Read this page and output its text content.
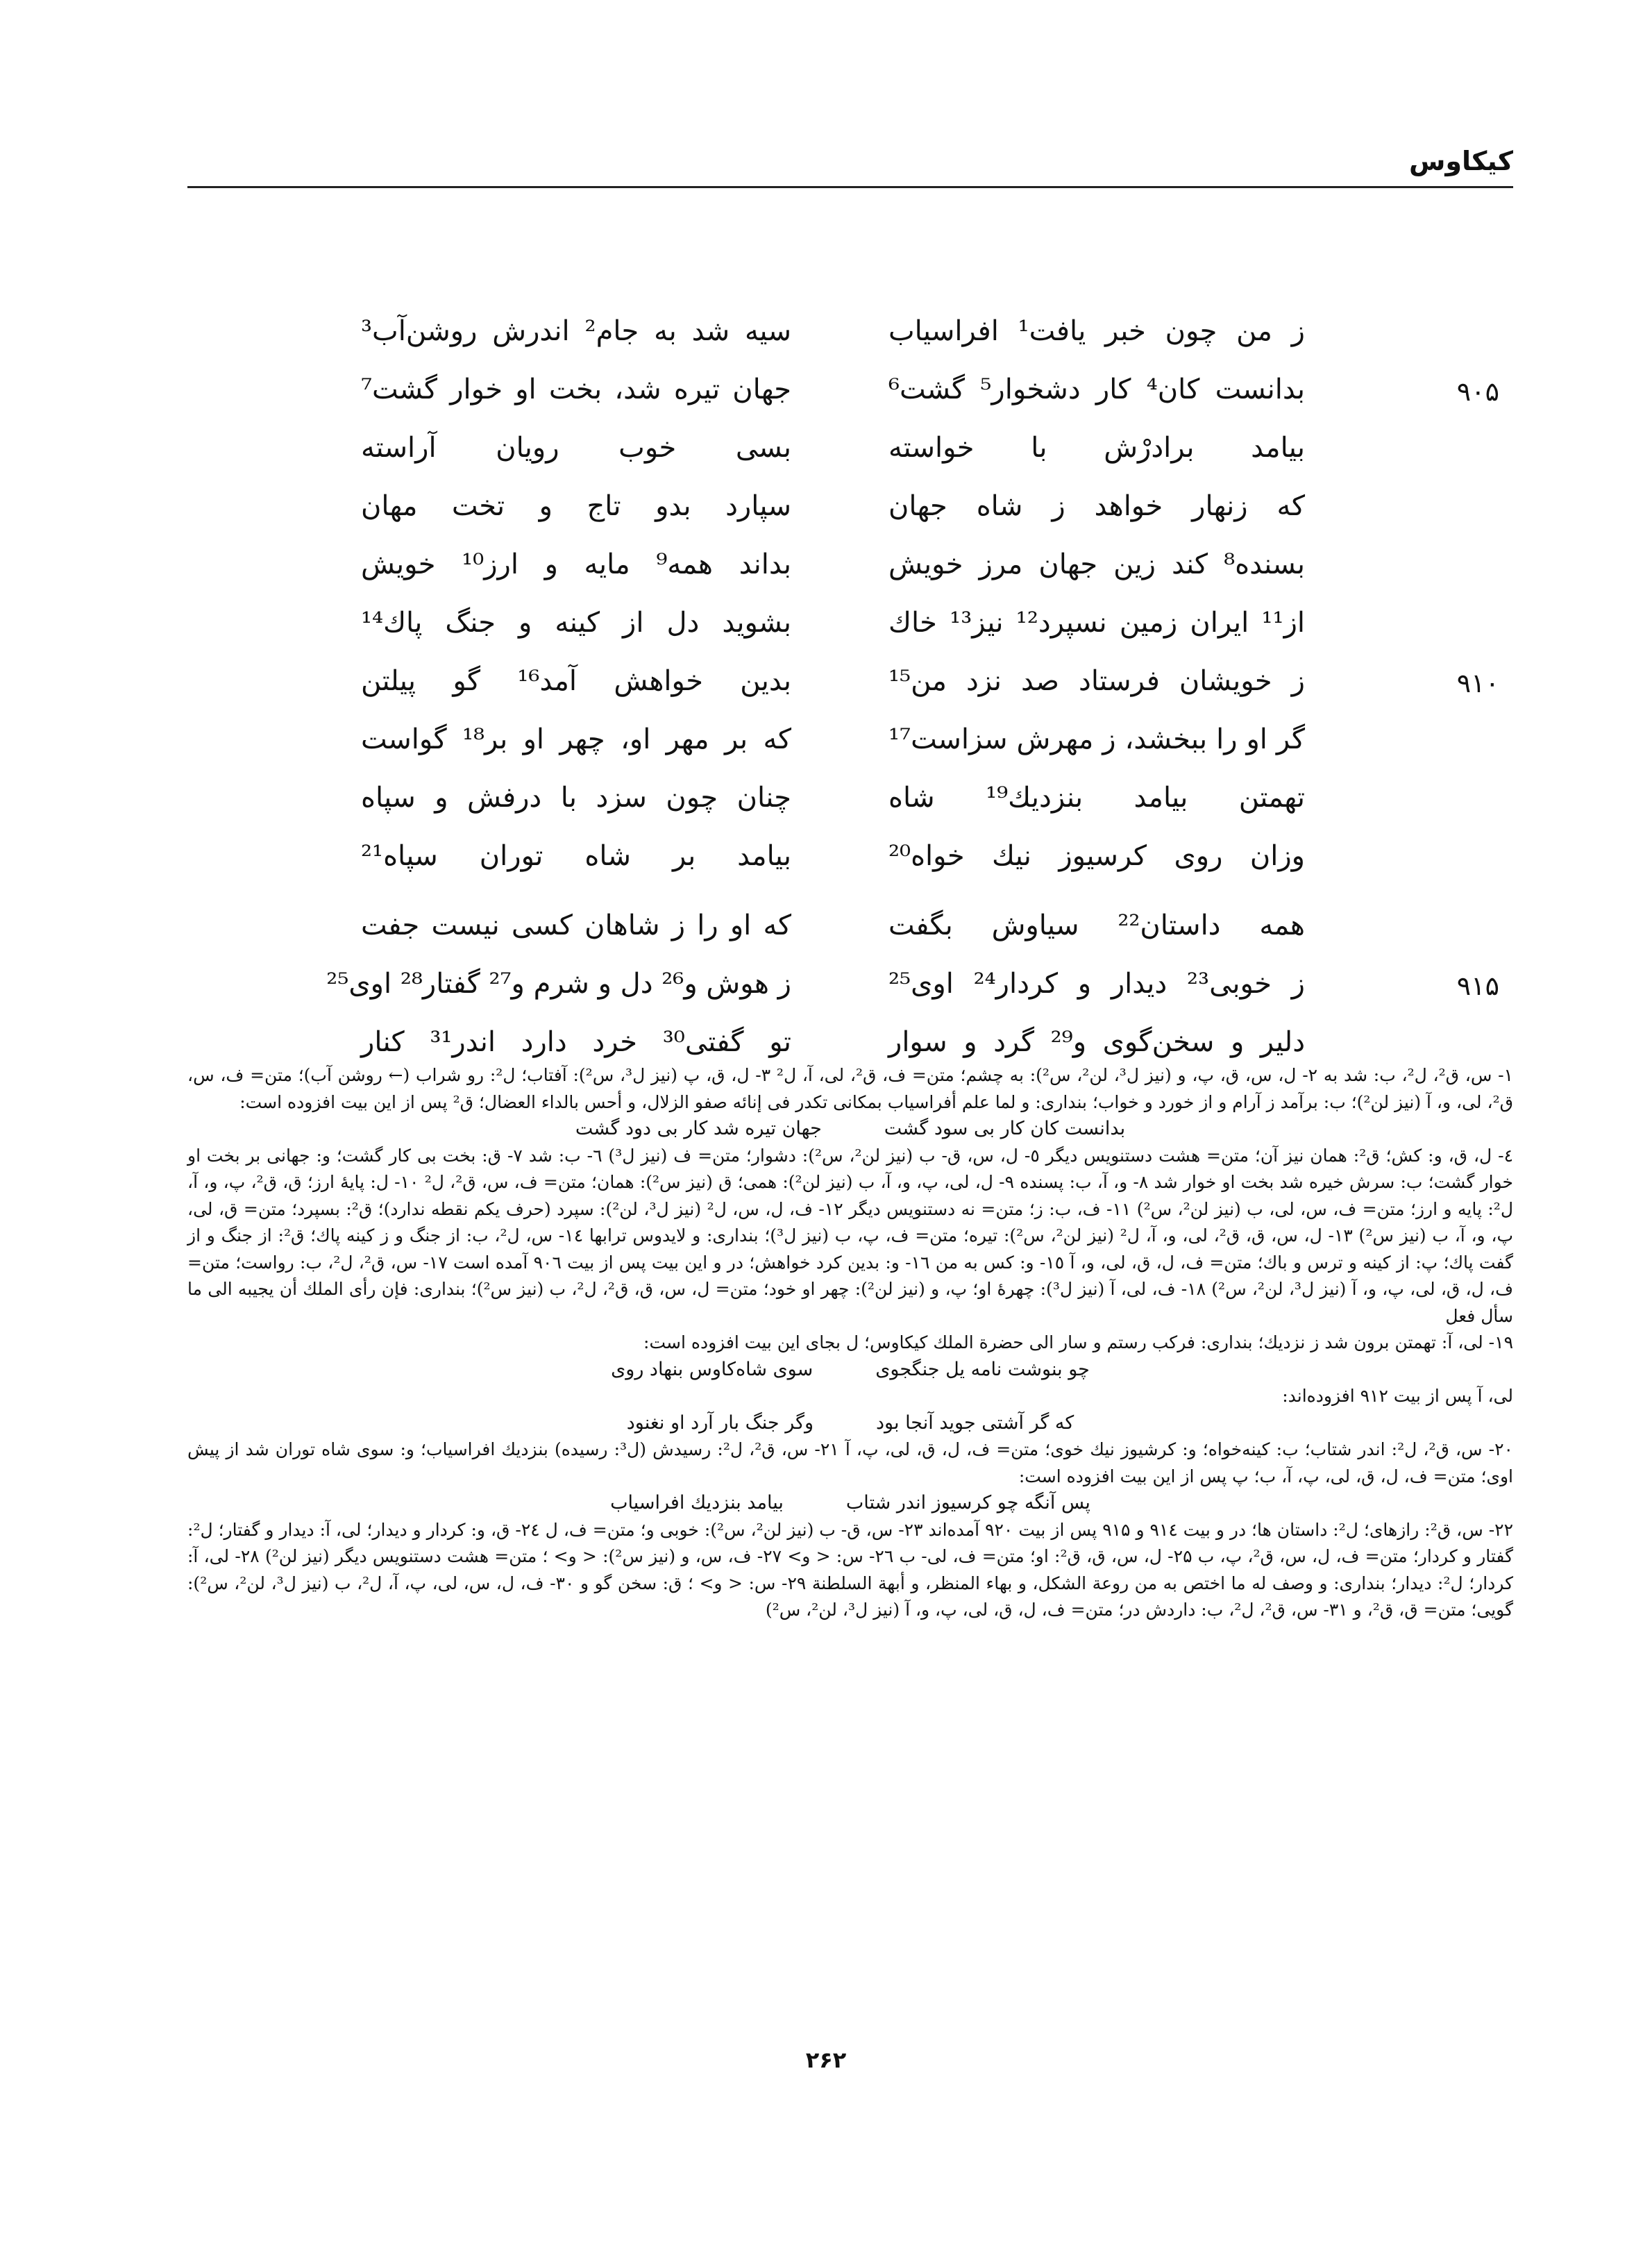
کیکاوس
ز من چون خبر یافت¹ افراسیاب
سیه شد به جام² اندرش روشن‌آب³
۹۰۵
بدانست کان⁴ کار دشخوار⁵ گشت⁶
جهان تیره شد، بخت او خوار گشت⁷
بیامد برادرْش با خواسته
بسی خوب رویان آراسته
که زنهار خواهد ز شاه جهان
سپارد بدو تاج و تخت مهان
بسنده⁸ کند زین جهان مرز خویش
بداند همه⁹ مایه و ارز¹⁰ خویش
از¹¹ ایران زمین نسپرد¹² نیز¹³ خاك
بشوید دل از کینه و جنگ پاك¹⁴
۹۱۰
ز خویشان فرستاد صد نزد من¹⁵
بدین خواهش آمد¹⁶ گو پیلتن
گر او را ببخشد، ز مهرش سزاست¹⁷
که بر مهر او، چهر او بر¹⁸ گواست
تهمتن بیامد بنزدیك¹⁹ شاه
چنان چون سزد با درفش و سپاه
وزان روی کرسیوز نیك خواه²⁰
بیامد بر شاه توران سپاه²¹
همه داستان²² سیاوش بگفت
که او را ز شاهان کسی نیست جفت
۹۱۵
ز خوبی²³ دیدار و کردار²⁴ اوی²⁵
ز هوش و²⁶ دل و شرم و²⁷ گفتار²⁸ اوی²⁵
دلیر و سخن‌گوی و²⁹ گرد و سوار
تو گفتی³⁰ خرد دارد اندر³¹ کنار

۱- س، ق²، ل²، ب: شد به ۲- ل، س، ق، پ، و (نیز ل³، لن²، س²): به چشم؛ متن= ف، ق²، لی، آ، ل² ۳- ل، ق، پ (نیز ل³، س²): آفتاب؛ ل²: رو شراب (← روشن آب)؛ متن= ف، س، ق²، لی، و، آ (نیز لن²)؛ ب: برآمد ز آرام و از خورد و خواب؛ بنداری: و لما علم أفراسیاب بمکانی تکدر فی إنائه صفو الزلال، و أحس بالداء العضال؛ ق² پس از این بیت افزوده است:

بدانست کان کار بی سود گشت
جهان تیره شد کار بی دود گشت

٤- ل، ق، و: کش؛ ق²: همان نیز آن؛ متن= هشت دستنویس دیگر ٥- ل، س، ق- ب (نیز لن²، س²): دشوار؛ متن= ف (نیز ل³) ٦- ب: شد ۷- ق: بخت بی کار گشت؛ و: جهانی بر بخت او خوار گشت؛ ب: سرش خیره شد بخت او خوار شد ۸- و، آ، ب: پسنده ۹- ل، لی، پ، و، آ، ب (نیز لن²): همی؛ ق (نیز س²): همان؛ متن= ف، س، ق²، ل² ۱۰- ل: پایهٔ ارز؛ ق، ق²، پ، و، آ، ل²: پایه و ارز؛ متن= ف، س، لی، ب (نیز لن²، س²) ۱۱- ف، ب: ز؛ متن= نه دستنویس دیگر ۱۲- ف، ل، س، ل² (نیز ل³، لن²): سپرد (حرف یکم نقطه ندارد)؛ ق²: بسپرد؛ متن= ق، لی، پ، و، آ، ب (نیز س²) ۱۳- ل، س، ق، ق²، لی، و، آ، ل² (نیز لن²، س²): تیره؛ متن= ف، پ، ب (نیز ل³)؛ بنداری: و لایدوس ترابها ۱٤- س، ل²، ب: از جنگ و ز کینه پاك؛ ق²: از جنگ و از گفت پاك؛ پ: از کینه و ترس و باك؛ متن= ف، ل، ق، لی، و، آ ۱٥- و: کس به من ۱٦- و: بدین کرد خواهش؛ در و این بیت پس از بیت ۹۰٦ آمده است ۱۷- س، ق²، ل²، ب: رواست؛ متن= ف، ل، ق، لی، پ، و، آ (نیز ل³، لن²، س²) ۱۸- ف، لی، آ (نیز ل³): چهرهٔ او؛ پ، و (نیز لن²): چهر او خود؛ متن= ل، س، ق، ق²، ل²، ب (نیز س²)؛ بنداری: فإن رأی الملك أن یجیبه الی ما سأل فعل

۱۹- لی، آ: تهمتن برون شد ز نزدیك؛ بنداری: فرکب رستم و سار الی حضرة الملك کیکاوس؛ ل بجای این بیت افزوده است:

چو بنوشت نامه یل جنگجوی
سوی شاه‌کاوس بنهاد روی

لی، آ پس از بیت ۹۱۲ افزوده‌اند:

که گر آشتی جوید آنجا بود
وگر جنگ بار آرد او نغنود

۲۰- س، ق²، ل²: اندر شتاب؛ ب: کینه‌خواه؛ و: کرشیوز نیك خوی؛ متن= ف، ل، ق، لی، پ، آ ۲۱- س، ق²، ل²: رسیدش (ل³: رسیده) بنزدیك افراسیاب؛ و: سوی شاه توران شد از پیش اوی؛ متن= ف، ل، ق، لی، پ، آ، ب؛ پ پس از این بیت افزوده است:

پس آنگه چو کرسیوز اندر شتاب
بیامد بنزدیك افراسیاب

۲۲- س، ق²: رازهای؛ ل²: داستان ها؛ در و بیت ۹۱٤ و ۹۱۵ پس از بیت ۹۲۰ آمده‌اند ۲۳- س، ق- ب (نیز لن²، س²): خوبی و؛ متن= ف، ل ۲٤- ق، و: کردار و دیدار؛ لی، آ: دیدار و گفتار؛ ل²: گفتار و کردار؛ متن= ف، ل، س، ق²، پ، ب ۲۵- ل، س، ق، ق²: او؛ متن= ف، لی- ب ۲٦- س: < و> ۲۷- ف، س، و (نیز س²): < و> ؛ متن= هشت دستنویس دیگر (نیز لن²) ۲۸- لی، آ: کردار؛ ل²: دیدار؛ بنداری: و وصف له ما اختص به من روعة الشکل، و بهاء المنظر، و أبهة السلطنة ۲۹- س: < و> ؛ ق: سخن گو و ۳۰- ف، ل، س، لی، پ، آ، ل²، ب (نیز ل³، لن²، س²): گویی؛ متن= ق، ق²، و ۳۱- س، ق²، ل²، ب: داردش در؛ متن= ف، ل، ق، لی، پ، و، آ (نیز ل³، لن²، س²)

۲۶۲
